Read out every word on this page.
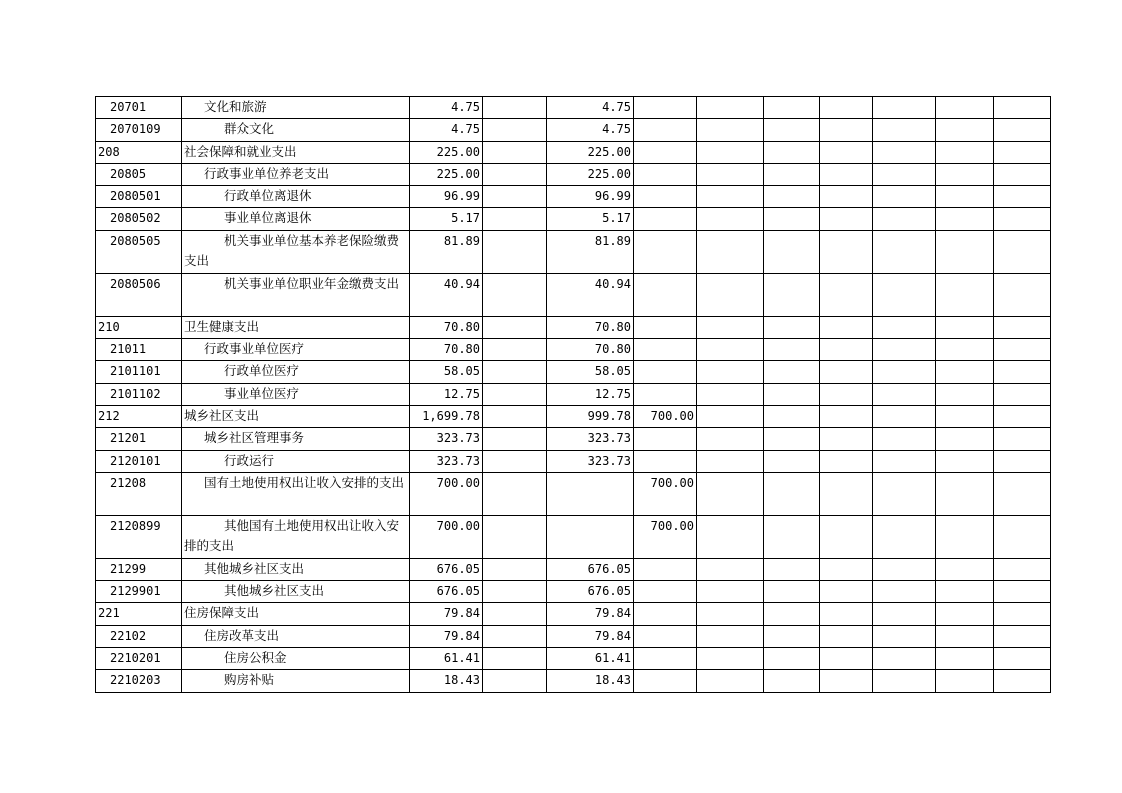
20701	文化和旅游	4.75		4.75							
2070109	群众文化	4.75		4.75							
208	社会保障和就业支出	225.00		225.00							
20805	行政事业单位养老支出	225.00		225.00							
2080501	行政单位离退休	96.99		96.99							
2080502	事业单位离退休	5.17		5.17							
2080505	机关事业单位基本养老保险缴费支出	81.89		81.89							
2080506	机关事业单位职业年金缴费支出	40.94		40.94							
210	卫生健康支出	70.80		70.80							
21011	行政事业单位医疗	70.80		70.80							
2101101	行政单位医疗	58.05		58.05							
2101102	事业单位医疗	12.75		12.75							
212	城乡社区支出	1,699.78		999.78	700.00						
21201	城乡社区管理事务	323.73		323.73							
2120101	行政运行	323.73		323.73							
21208	国有土地使用权出让收入安排的支出	700.00			700.00						
2120899	其他国有土地使用权出让收入安排的支出	700.00			700.00						
21299	其他城乡社区支出	676.05		676.05							
2129901	其他城乡社区支出	676.05		676.05							
221	住房保障支出	79.84		79.84							
22102	住房改革支出	79.84		79.84							
2210201	住房公积金	61.41		61.41							
2210203	购房补贴	18.43		18.43							
